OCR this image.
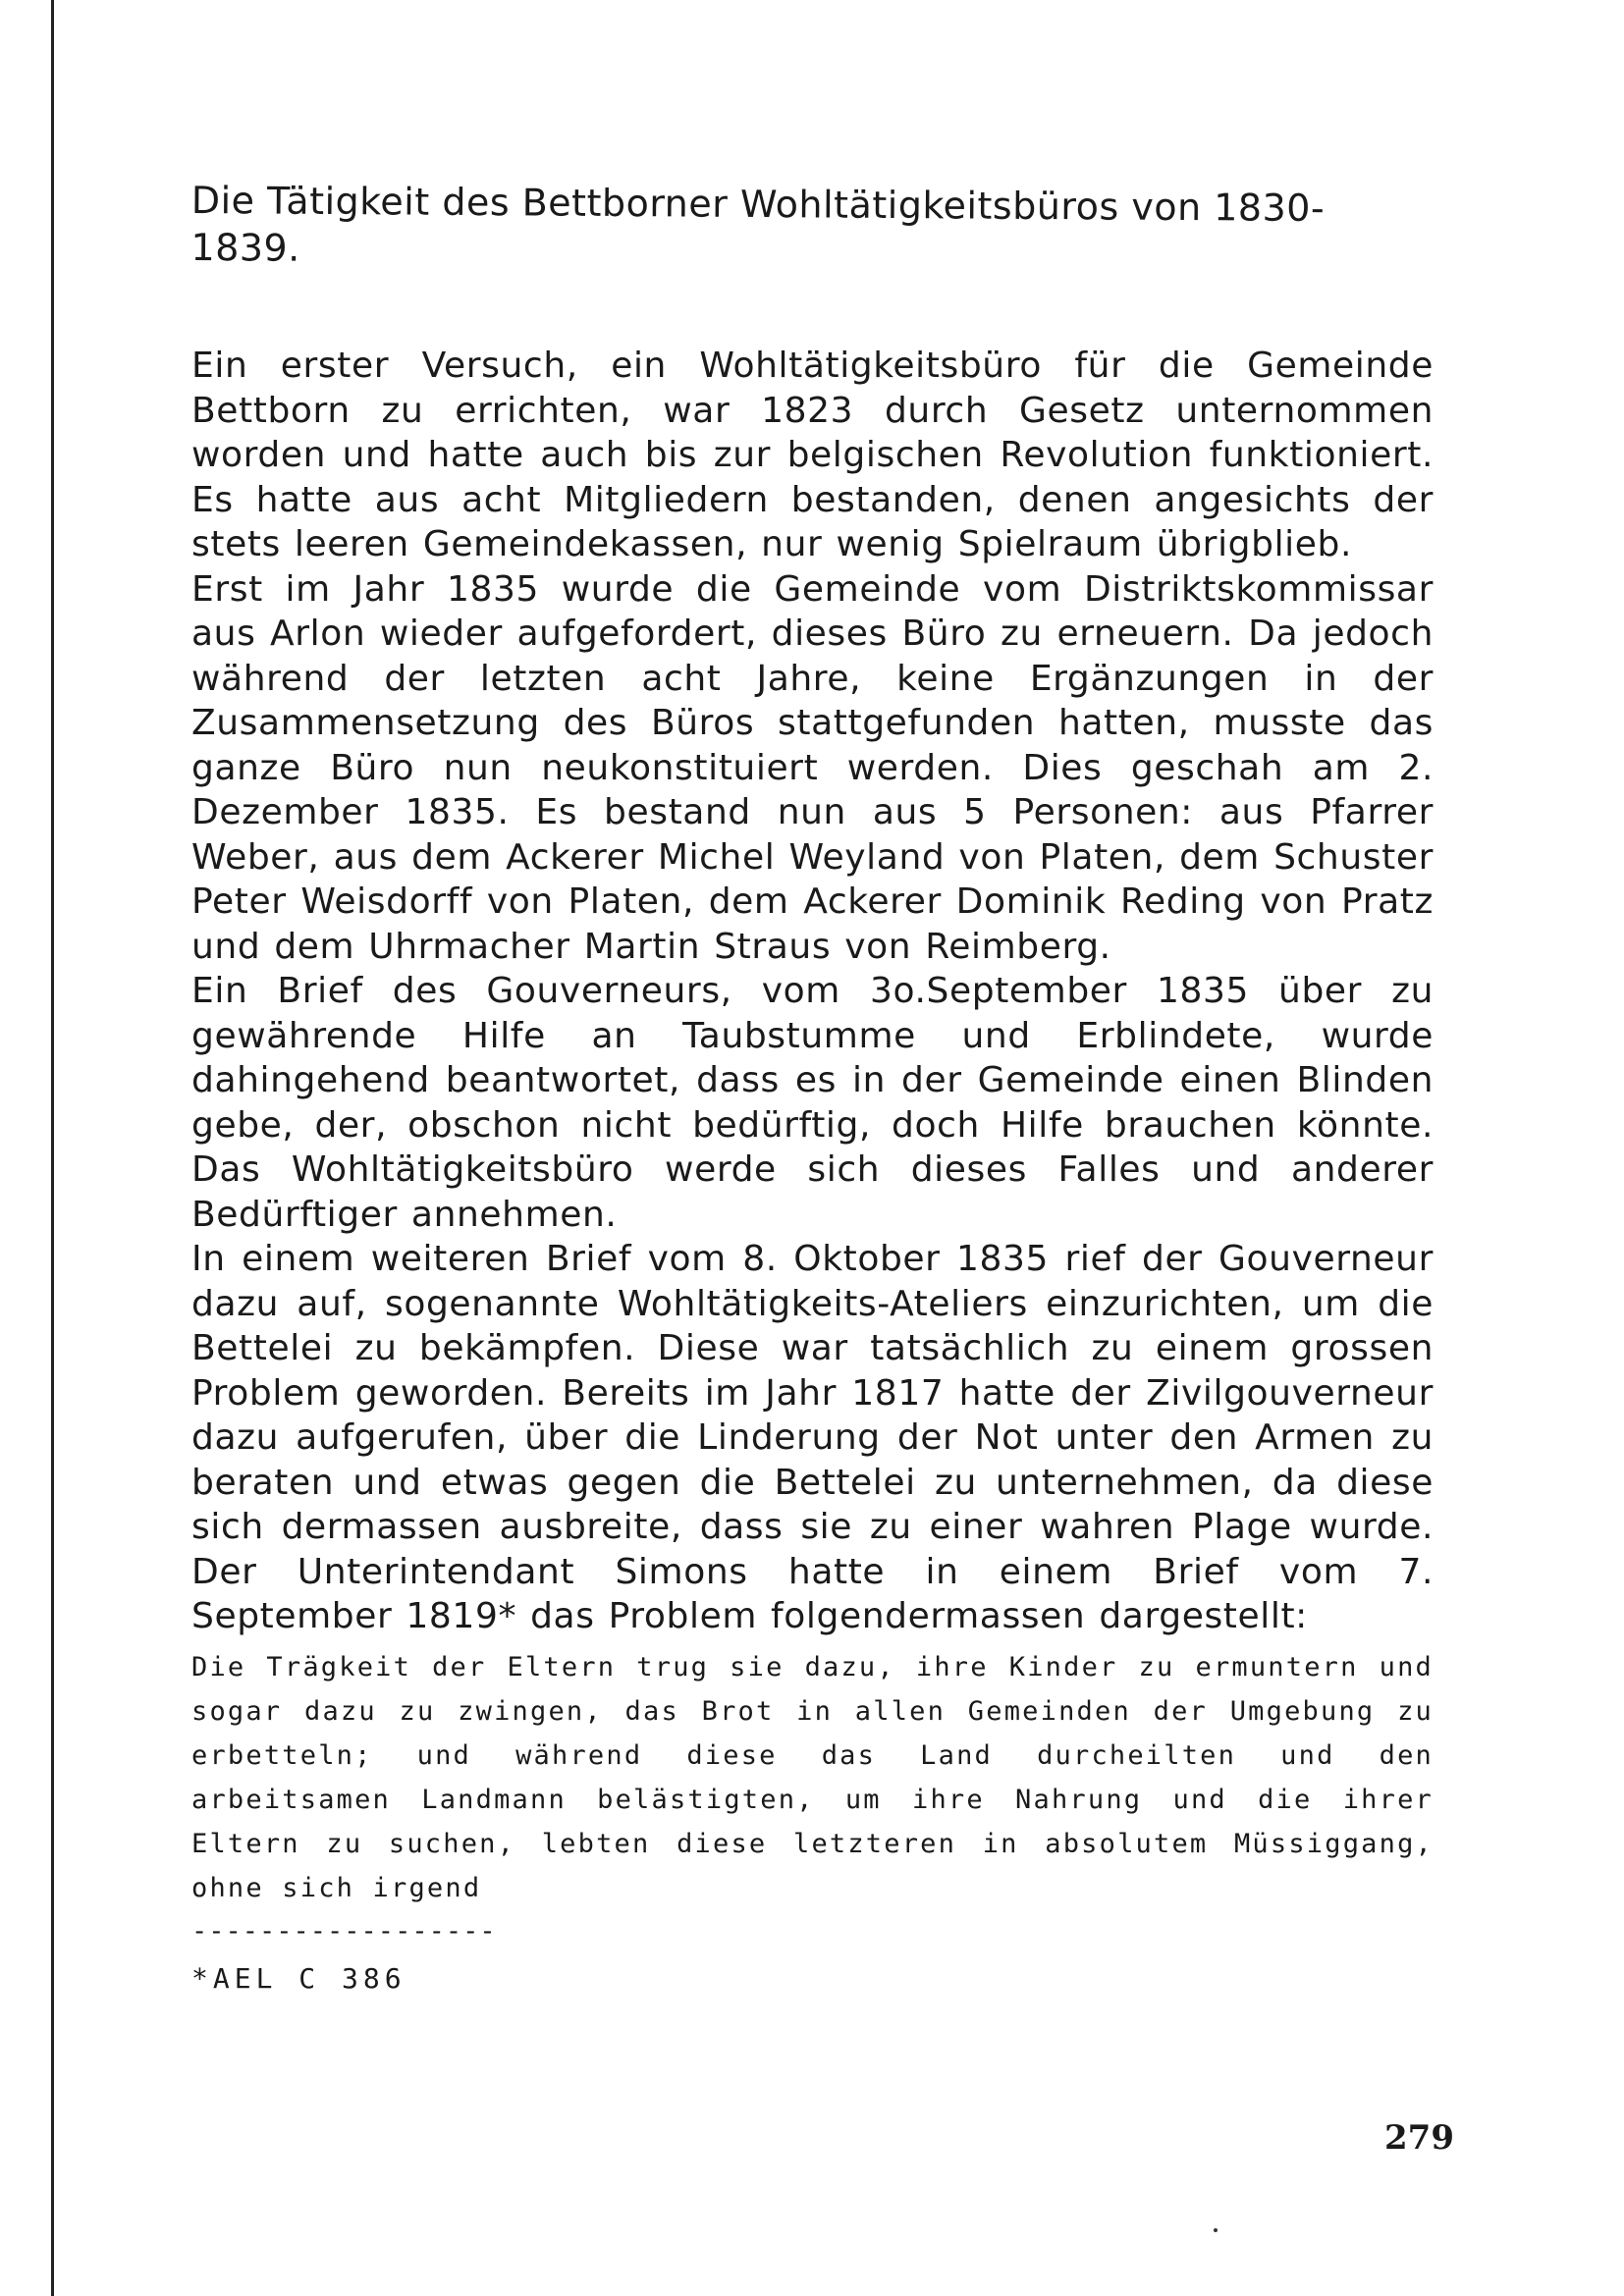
Die Tätigkeit des Bettborner Wohltätigkeitsbüros von 1830-1839.

Ein erster Versuch, ein Wohltätigkeitsbüro für die Gemeinde Bettborn zu errichten, war 1823 durch Gesetz unternommen worden und hatte auch bis zur belgischen Revolution funktioniert. Es hatte aus acht Mitgliedern bestanden, denen angesichts der stets leeren Gemeindekassen, nur wenig Spielraum übrigblieb.

Erst im Jahr 1835 wurde die Gemeinde vom Distriktskommissar aus Arlon wieder aufgefordert, dieses Büro zu erneuern. Da jedoch während der letzten acht Jahre, keine Ergänzungen in der Zusammensetzung des Büros stattgefunden hatten, musste das ganze Büro nun neukonstituiert werden. Dies geschah am 2. Dezember 1835. Es bestand nun aus 5 Personen: aus Pfarrer Weber, aus dem Ackerer Michel Weyland von Platen, dem Schuster Peter Weisdorff von Platen, dem Ackerer Dominik Reding von Pratz und dem Uhrmacher Martin Straus von Reimberg.

Ein Brief des Gouverneurs, vom 3o.September 1835 über zu gewährende Hilfe an Taubstumme und Erblindete, wurde dahingehend beantwortet, dass es in der Gemeinde einen Blinden gebe, der, obschon nicht bedürftig, doch Hilfe brauchen könnte. Das Wohltätigkeitsbüro werde sich dieses Falles und anderer Bedürftiger annehmen.

In einem weiteren Brief vom 8. Oktober 1835 rief der Gouverneur dazu auf, sogenannte Wohltätigkeits-Ateliers einzurichten, um die Bettelei zu bekämpfen. Diese war tatsächlich zu einem grossen Problem geworden. Bereits im Jahr 1817 hatte der Zivilgouverneur dazu aufgerufen, über die Linderung der Not unter den Armen zu beraten und etwas gegen die Bettelei zu unternehmen, da diese sich dermassen ausbreite, dass sie zu einer wahren Plage wurde. Der Unterintendant Simons hatte in einem Brief vom 7. September 1819* das Problem folgendermassen dargestellt:

Die Trägkeit der Eltern trug sie dazu, ihre Kinder zu ermuntern und sogar dazu zu zwingen, das Brot in allen Gemeinden der Umgebung zu erbetteln; und während diese das Land durcheilten und den arbeitsamen Landmann belästigten, um ihre Nahrung und die ihrer Eltern zu suchen, lebten diese letzteren in absolutem Müssiggang, ohne sich irgend

------------------
*AEL C 386
279
